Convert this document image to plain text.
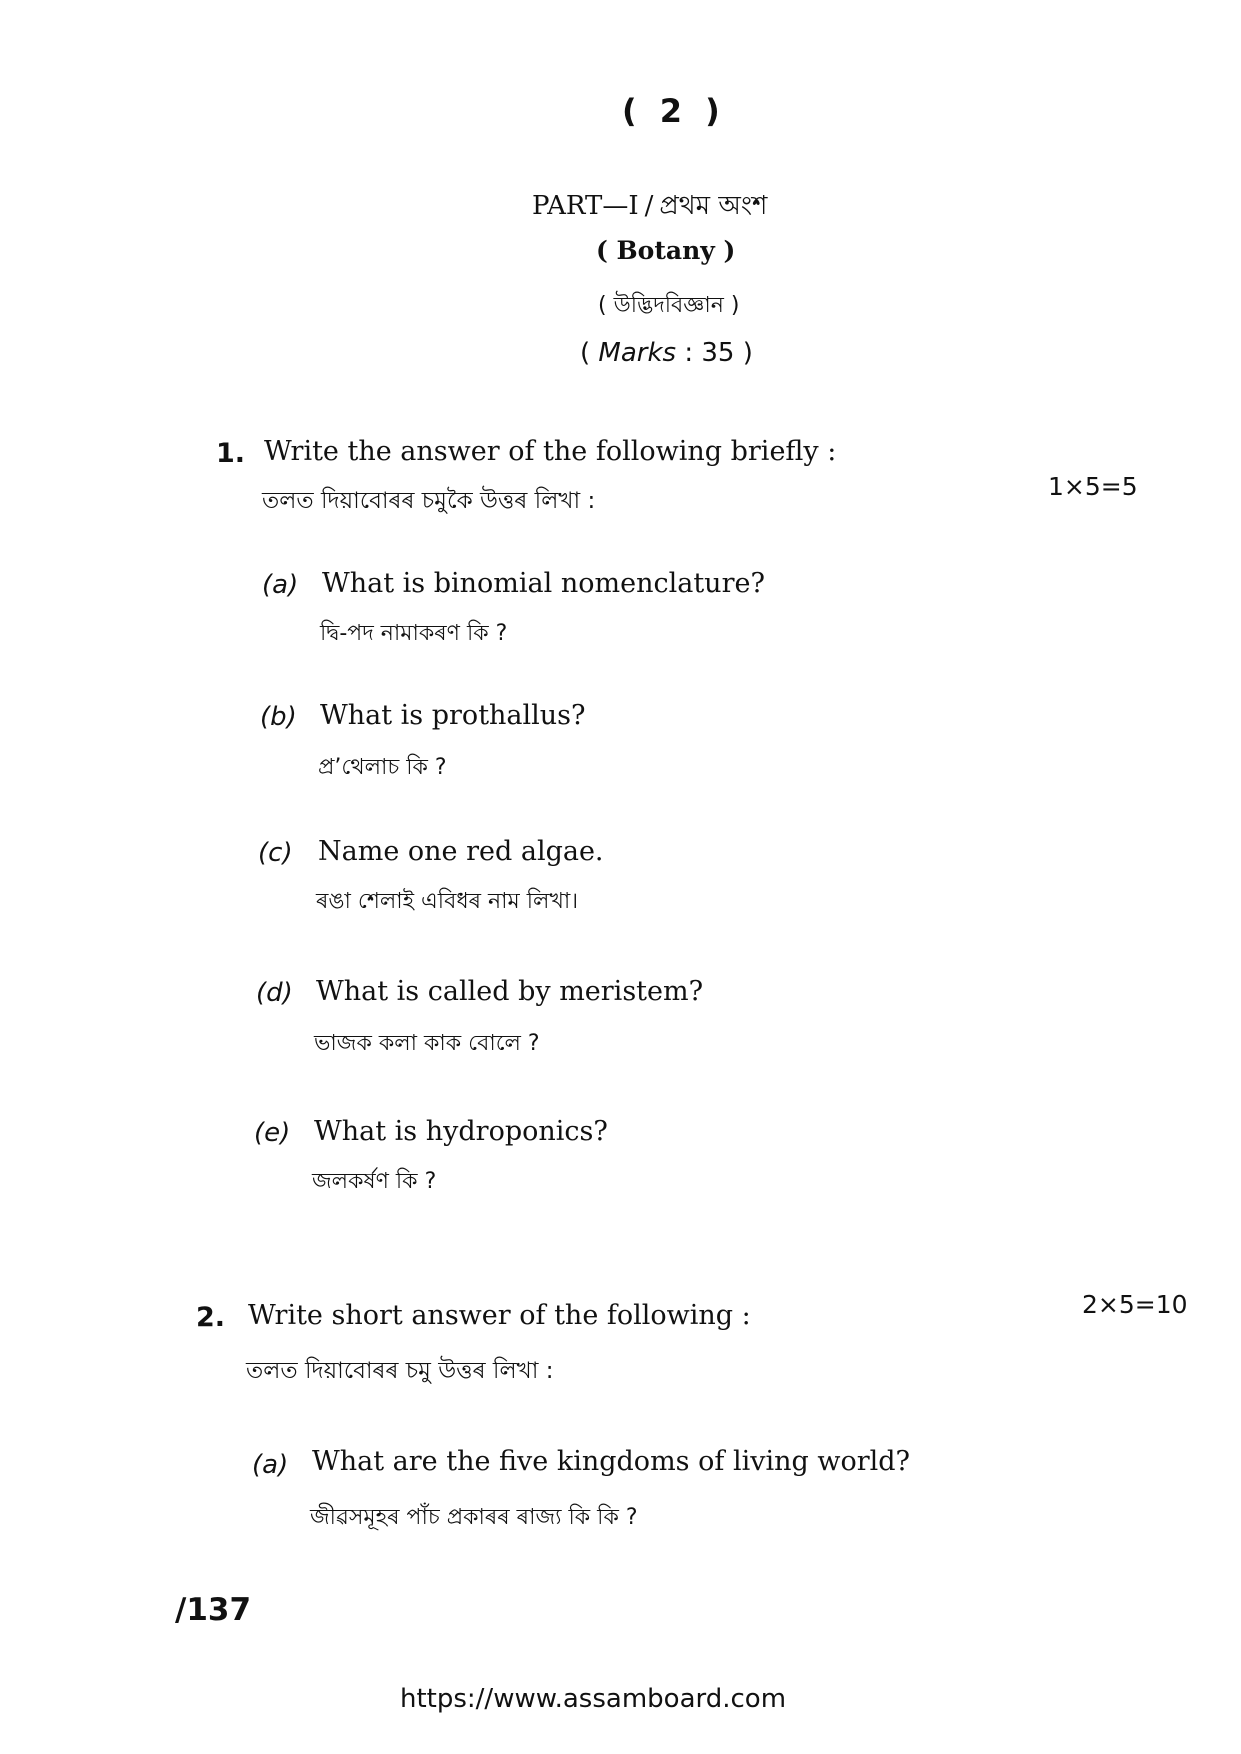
( 2 )
PART—I / প্ৰথম অংশ
( Botany )
( উদ্ভিদবিজ্ঞান )
( Marks : 35 )
1. Write the answer of the following briefly :
তলত দিয়াবোৰৰ চমুকৈ উত্তৰ লিখা :	1×5=5
(a) What is binomial nomenclature?
দ্বি-পদ নামাকৰণ কি ?
(b) What is prothallus?
প্ৰ’থেলাচ কি ?
(c) Name one red algae.
ৰঙা শেলাই এবিধৰ নাম লিখা।
(d) What is called by meristem?
ভাজক কলা কাক বোলে ?
(e) What is hydroponics?
জলকৰ্ষণ কি ?
2. Write short answer of the following :
তলত দিয়াবোৰৰ চমু উত্তৰ লিখা :
2×5=10
(a) What are the five kingdoms of living world?
জীৱসমূহৰ পাঁচ প্ৰকাৰৰ ৰাজ্য কি কি ?
/137
https://www.assamboard.com
